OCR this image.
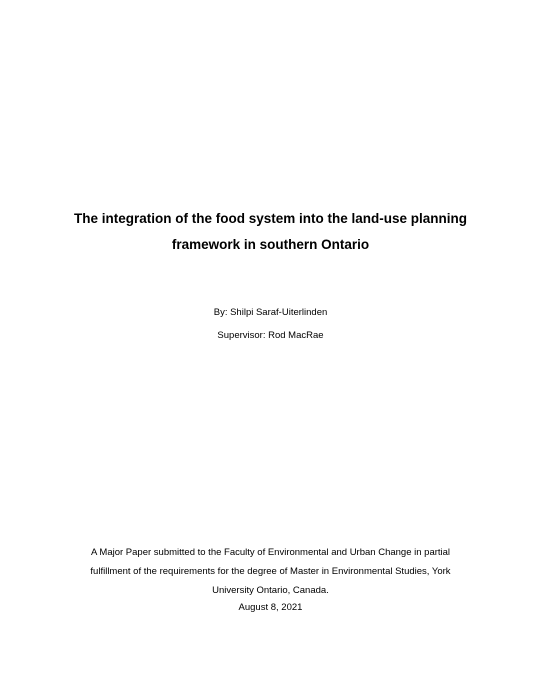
The integration of the food system into the land-use planning
framework in southern Ontario
By: Shilpi Saraf-Uiterlinden
Supervisor: Rod MacRae
A Major Paper submitted to the Faculty of Environmental and Urban Change in partial
fulfillment of the requirements for the degree of Master in Environmental Studies, York
University Ontario, Canada.
August 8, 2021
